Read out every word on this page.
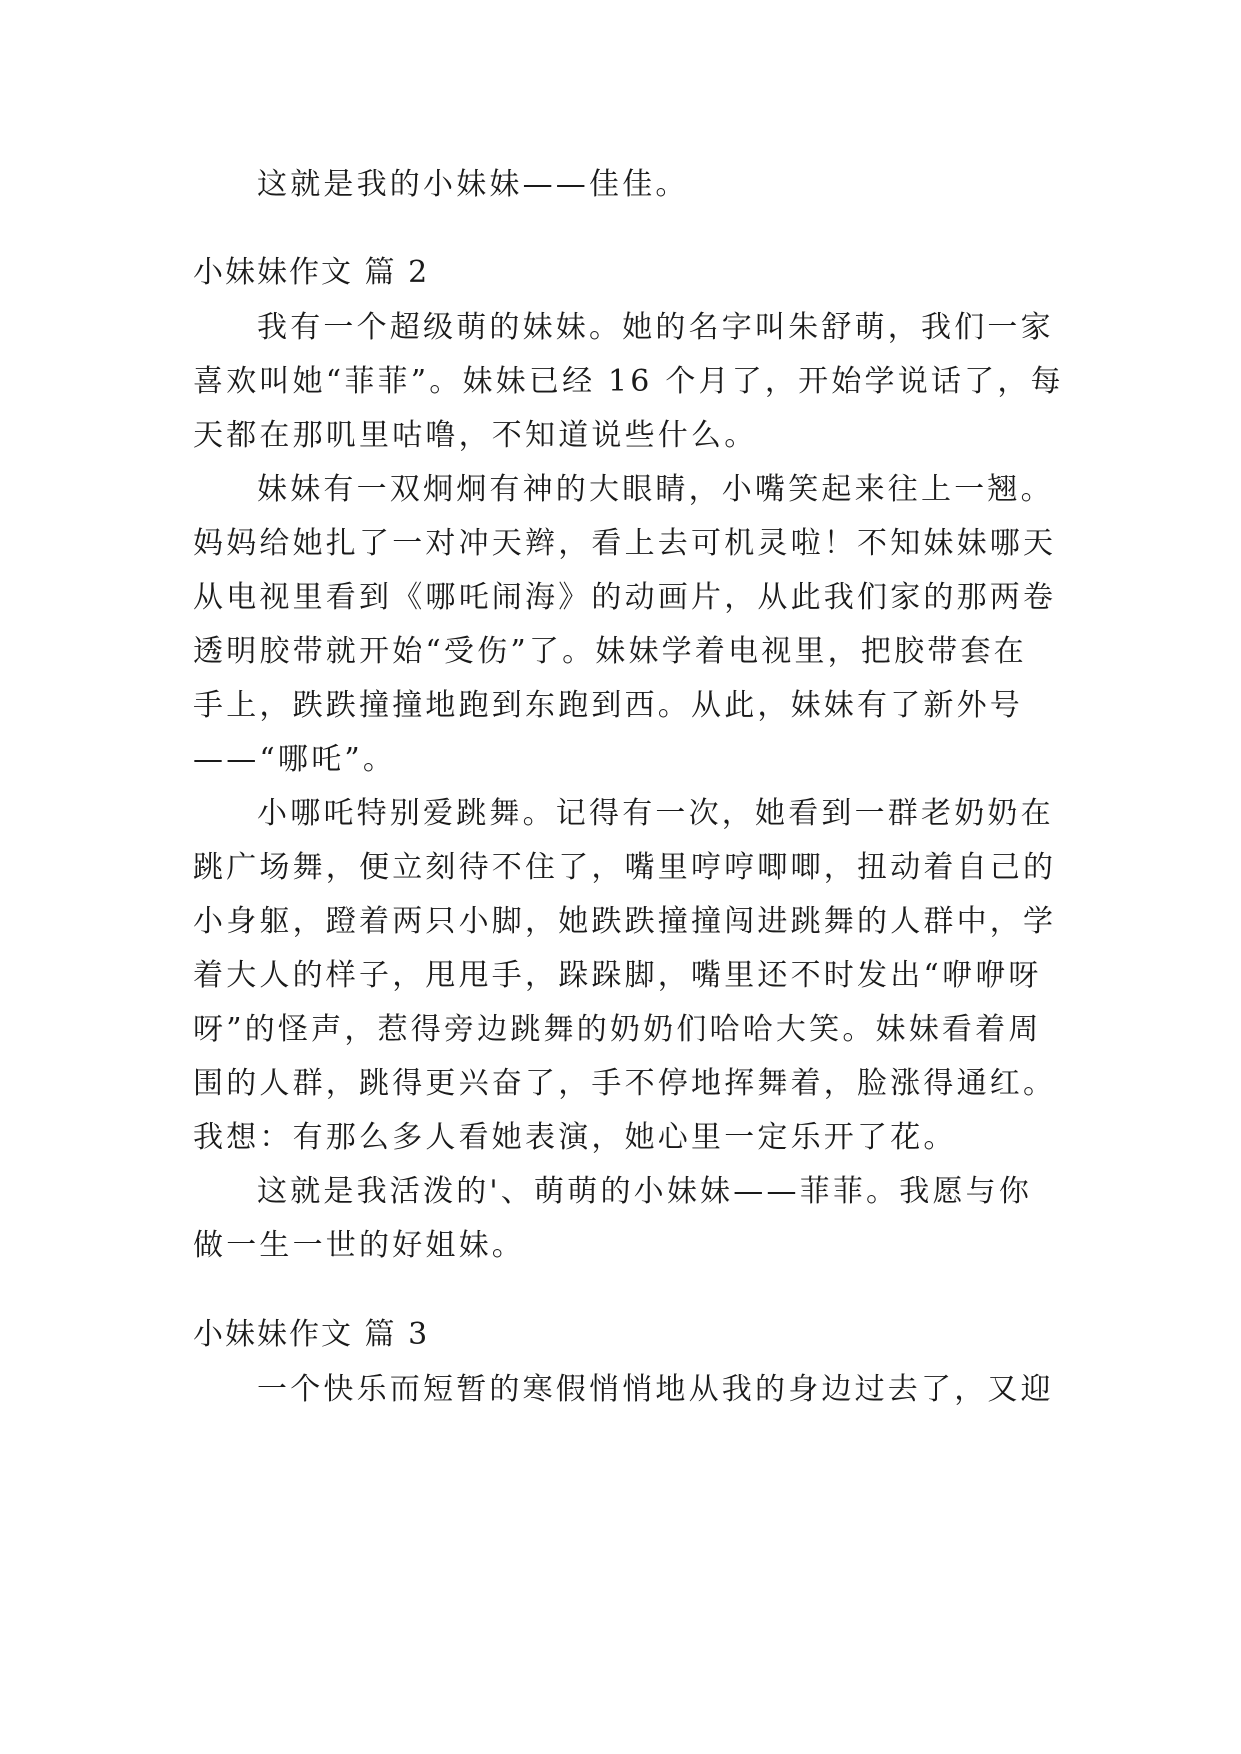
这就是我的小妹妹——佳佳。
小妹妹作文 篇 2
我有一个超级萌的妹妹。她的名字叫朱舒萌，我们一家
喜欢叫她“菲菲”。妹妹已经 16 个月了，开始学说话了，每
天都在那叽里咕噜，不知道说些什么。
妹妹有一双炯炯有神的大眼睛，小嘴笑起来往上一翘。
妈妈给她扎了一对冲天辫，看上去可机灵啦！不知妹妹哪天
从电视里看到《哪吒闹海》的动画片，从此我们家的那两卷
透明胶带就开始“受伤”了。妹妹学着电视里，把胶带套在
手上，跌跌撞撞地跑到东跑到西。从此，妹妹有了新外号
——“哪吒”。
小哪吒特别爱跳舞。记得有一次，她看到一群老奶奶在
跳广场舞，便立刻待不住了，嘴里哼哼唧唧，扭动着自己的
小身躯，蹬着两只小脚，她跌跌撞撞闯进跳舞的人群中，学
着大人的样子，甩甩手，跺跺脚，嘴里还不时发出“咿咿呀
呀”的怪声，惹得旁边跳舞的奶奶们哈哈大笑。妹妹看着周
围的人群，跳得更兴奋了，手不停地挥舞着，脸涨得通红。
我想：有那么多人看她表演，她心里一定乐开了花。
这就是我活泼的'、萌萌的小妹妹——菲菲。我愿与你
做一生一世的好姐妹。
小妹妹作文 篇 3
一个快乐而短暂的寒假悄悄地从我的身边过去了，又迎
